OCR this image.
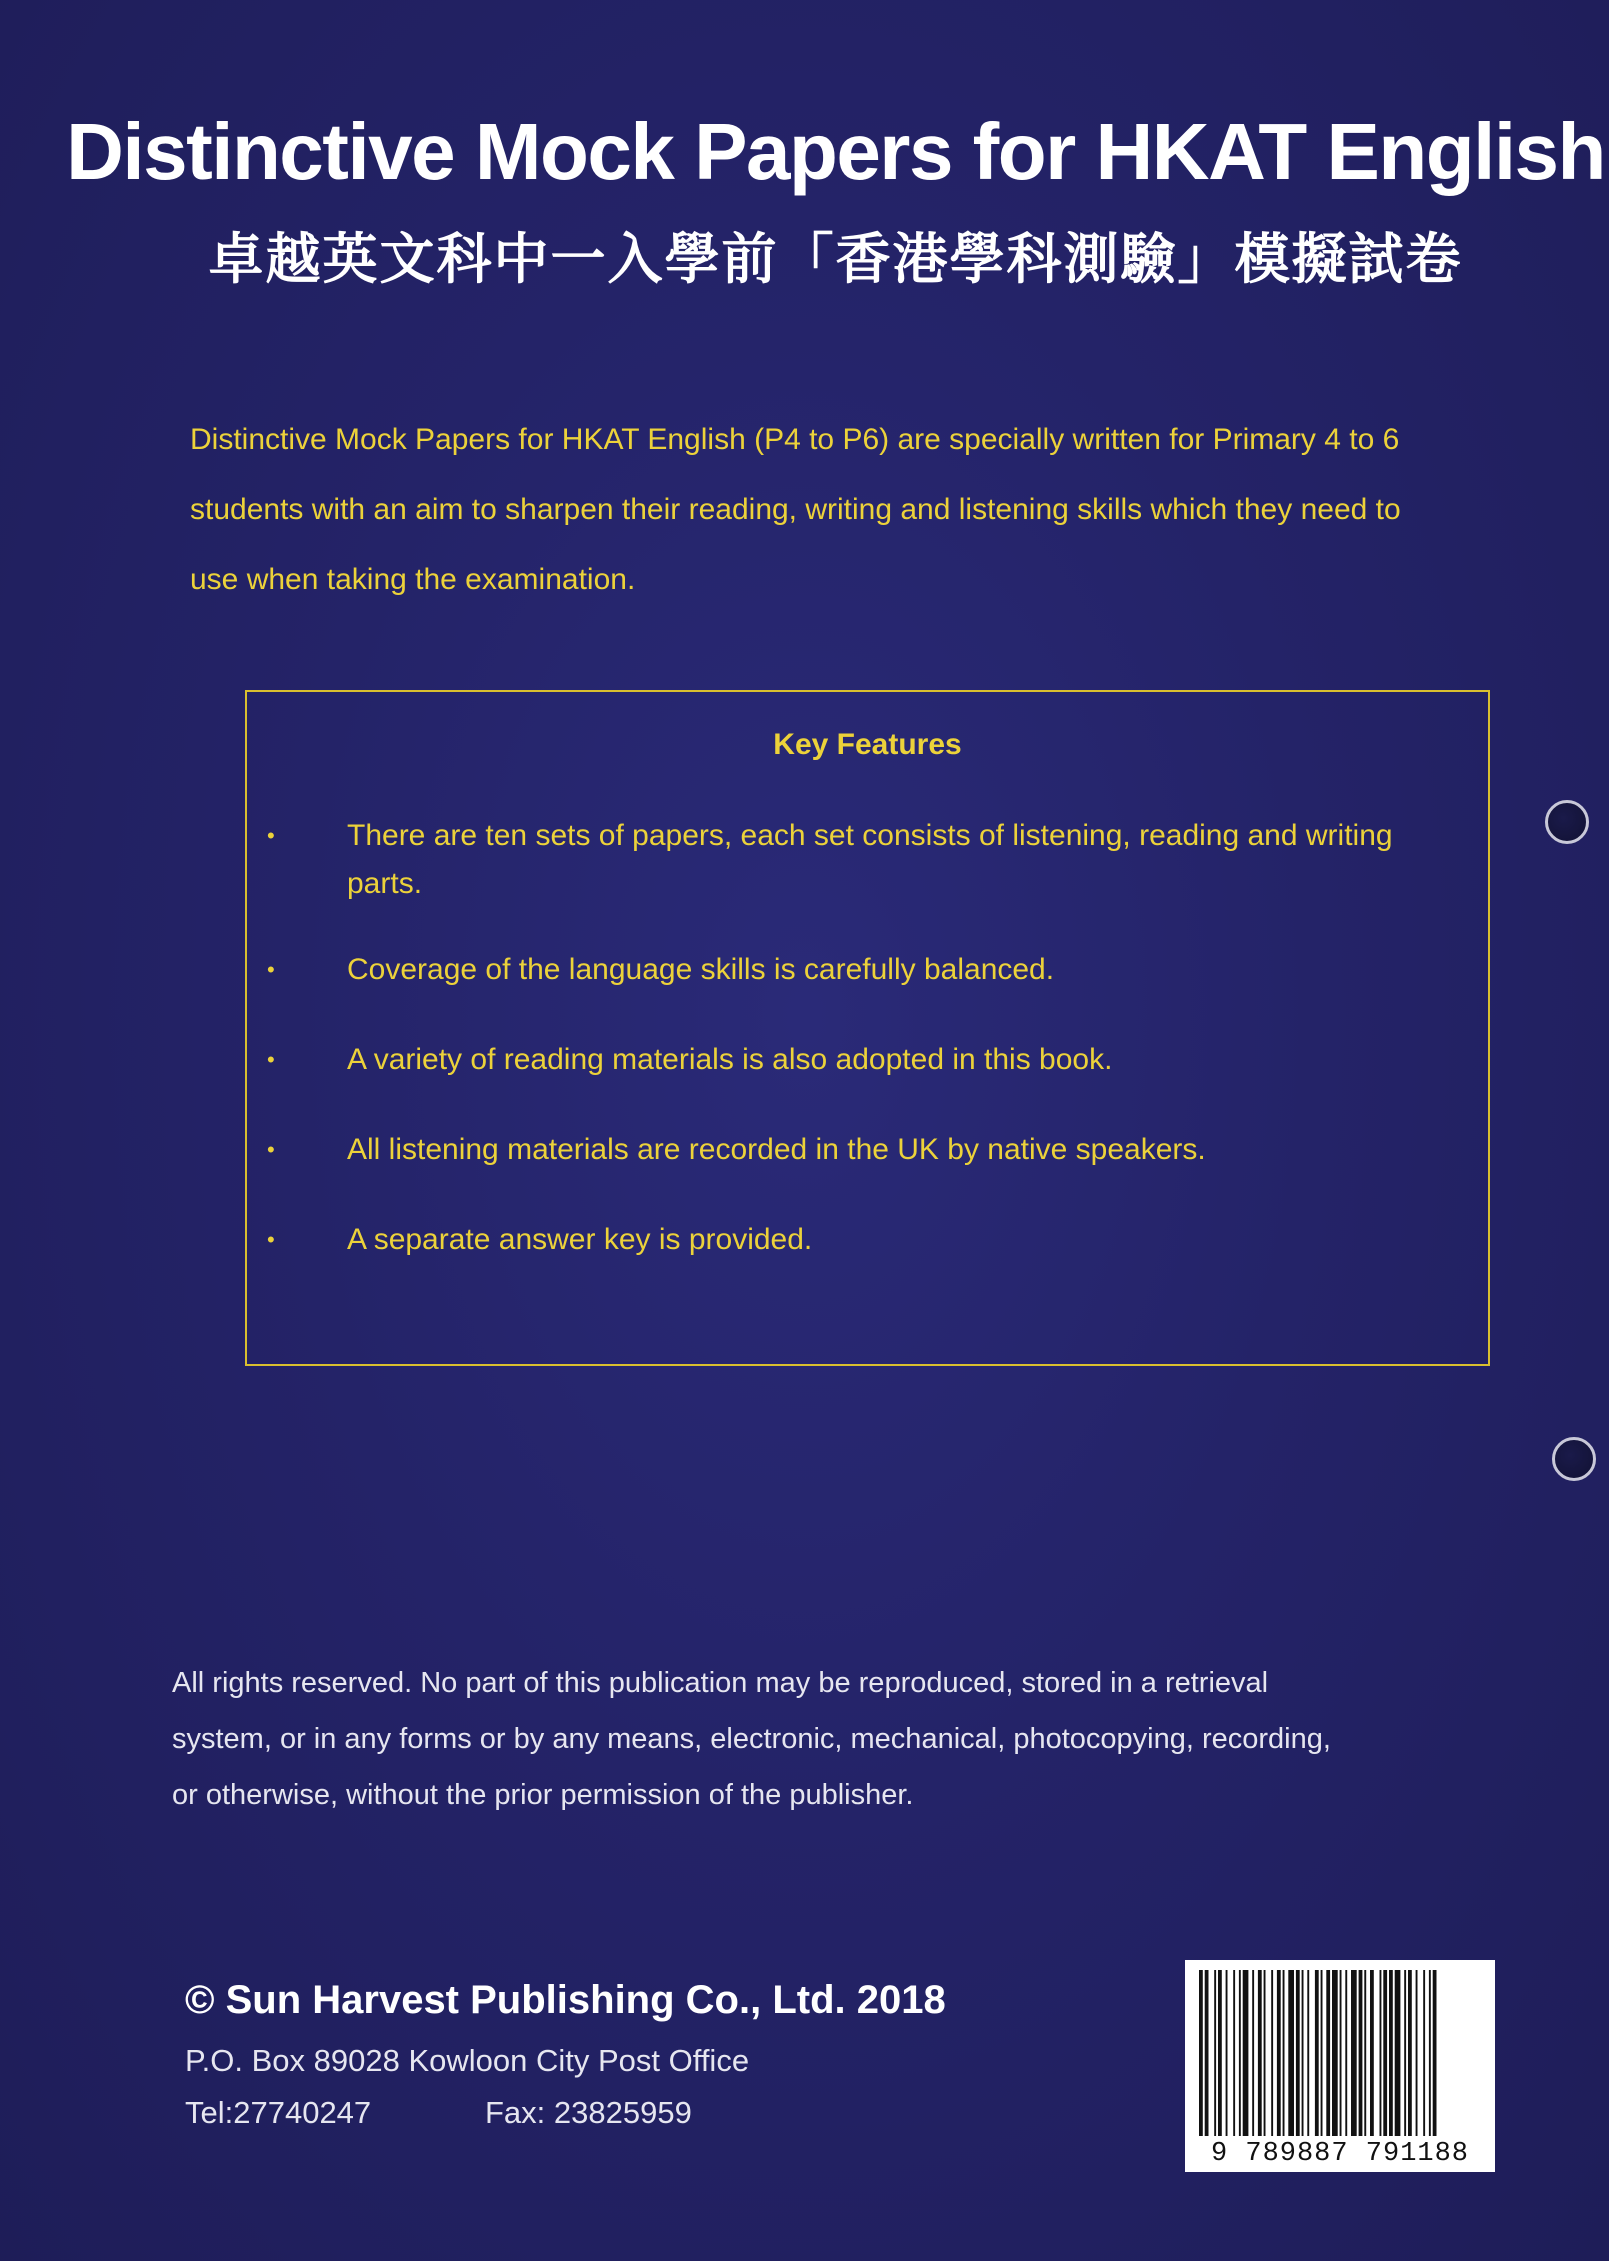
Distinctive Mock Papers for HKAT English
卓越英文科中一入學前「香港學科測驗」模擬試卷
Distinctive Mock Papers for HKAT English (P4 to P6) are specially written for Primary 4 to 6
students with an aim to sharpen their reading, writing and listening skills which they need to
use when taking the examination.
Key Features
• There are ten sets of papers, each set consists of listening, reading and writing parts.
• Coverage of the language skills is carefully balanced.
• A variety of reading materials is also adopted in this book.
• All listening materials are recorded in the UK by native speakers.
• A separate answer key is provided.
All rights reserved. No part of this publication may be reproduced, stored in a retrieval
system, or in any forms or by any means, electronic, mechanical, photocopying, recording,
or otherwise, without the prior permission of the publisher.
© Sun Harvest Publishing Co., Ltd. 2018
P.O. Box 89028 Kowloon City Post Office
Tel:27740247	Fax: 23825959
9 789887 791188
